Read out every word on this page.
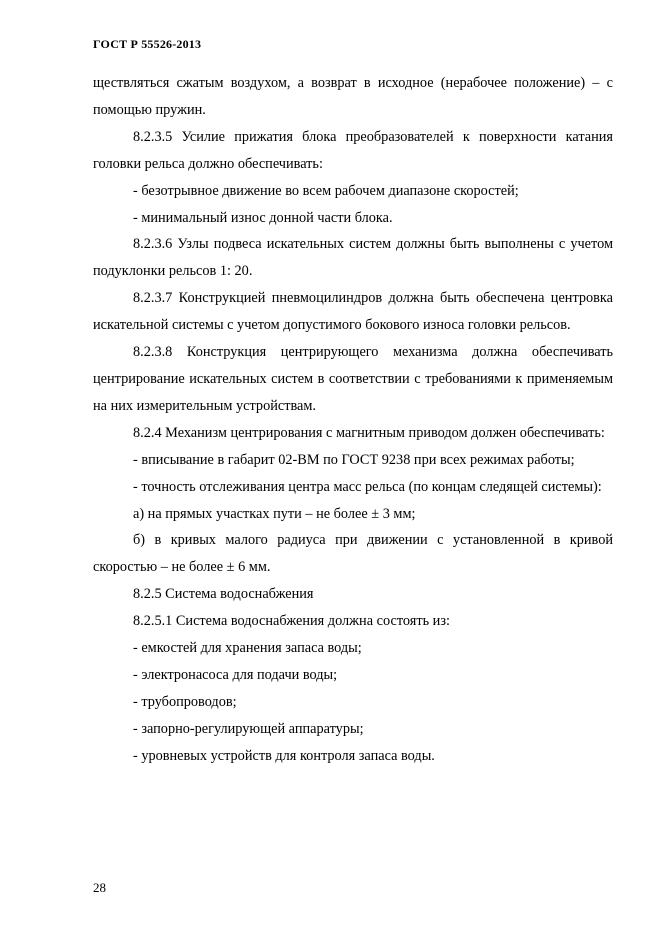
ГОСТ Р 55526-2013

ществляться сжатым воздухом, а возврат в исходное (нерабочее положение) – с помощью пружин.

8.2.3.5 Усилие прижатия блока преобразователей к поверхности катания головки рельса должно обеспечивать:

- безотрывное движение во всем рабочем диапазоне скоростей;

- минимальный износ донной части блока.

8.2.3.6 Узлы подвеса искательных систем должны быть выполнены с учетом подуклонки рельсов 1: 20.

8.2.3.7 Конструкцией пневмоцилиндров должна быть обеспечена центровка искательной системы с учетом допустимого бокового износа головки рельсов.

8.2.3.8 Конструкция центрирующего механизма должна обеспечивать центрирование искательных систем в соответствии с требованиями к применяемым на них измерительным устройствам.

8.2.4 Механизм центрирования с магнитным приводом должен обеспечивать:

- вписывание в габарит 02-ВМ по ГОСТ 9238 при всех режимах работы;

- точность отслеживания центра масс рельса (по концам следящей системы):

а) на прямых участках пути – не более ± 3 мм;

б) в кривых малого радиуса при движении с установленной в кривой скоростью – не более ± 6 мм.

8.2.5 Система водоснабжения

8.2.5.1 Система водоснабжения должна состоять из:

- емкостей для хранения запаса воды;

- электронасоса для подачи воды;

- трубопроводов;

- запорно-регулирующей аппаратуры;

- уровневых устройств для контроля запаса воды.

28
